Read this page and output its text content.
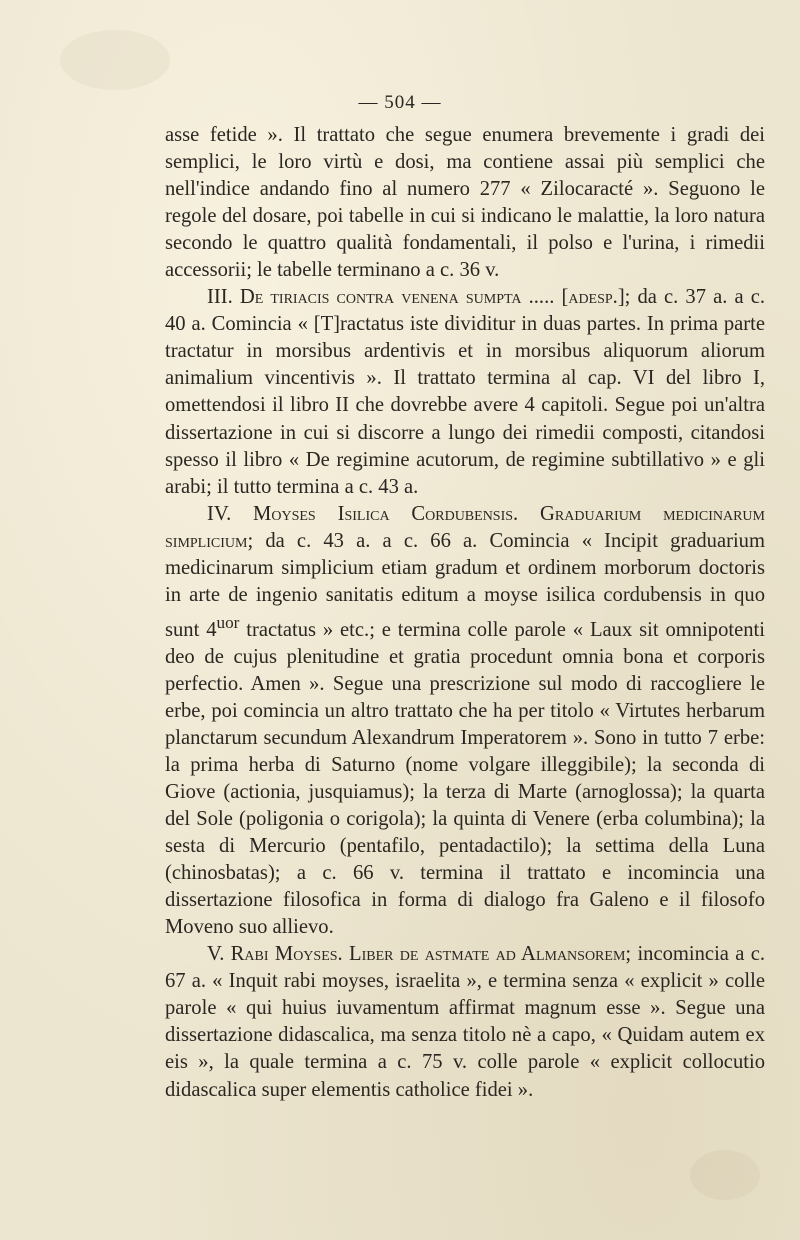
— 504 —

asse fetide ». Il trattato che segue enumera brevemente i gradi dei semplici, le loro virtù e dosi, ma contiene assai più semplici che nell'indice andando fino al numero 277 « Zilocaracté ». Seguono le regole del dosare, poi tabelle in cui si indicano le malattie, la loro natura secondo le quattro qualità fondamentali, il polso e l'urina, i rimedii accessorii; le tabelle terminano a c. 36 v.

III. De tiriacis contra venena sumpta ..... [adesp.]; da c. 37 a. a c. 40 a. Comincia « [T]ractatus iste dividitur in duas partes. In prima parte tractatur in morsibus ardentivis et in morsibus aliquorum aliorum animalium vincentivis ». Il trattato termina al cap. VI del libro I, omettendosi il libro II che dovrebbe avere 4 capitoli. Segue poi un'altra dissertazione in cui si discorre a lungo dei rimedii composti, citandosi spesso il libro « De regimine acutorum, de regimine subtillativo » e gli arabi; il tutto termina a c. 43 a.

IV. Moyses Isilica Cordubensis. Graduarium medicinarum simplicium; da c. 43 a. a c. 66 a. Comincia « Incipit graduarium medicinarum simplicium etiam gradum et ordinem morborum doctoris in arte de ingenio sanitatis editum a moyse isilica cordubensis in quo sunt $4^{uor}$ tractatus » etc.; e termina colle parole « Laux sit omnipotenti deo de cujus plenitudine et gratia procedunt omnia bona et corporis perfectio. Amen ». Segue una prescrizione sul modo di raccogliere le erbe, poi comincia un altro trattato che ha per titolo « Virtutes herbarum planctarum secundum Alexandrum Imperatorem ». Sono in tutto 7 erbe: la prima herba di Saturno (nome volgare illeggibile); la seconda di Giove (actionia, jusquiamus); la terza di Marte (arnoglossa); la quarta del Sole (poligonia o corigola); la quinta di Venere (erba columbina); la sesta di Mercurio (pentafilo, pentadactilo); la settima della Luna (chinosbatas); a c. 66 v. termina il trattato e incomincia una dissertazione filosofica in forma di dialogo fra Galeno e il filosofo Moveno suo allievo.

V. Rabi Moyses. Liber de astmate ad Almansorem; incomincia a c. 67 a. « Inquit rabi moyses, israelita », e termina senza « explicit » colle parole « qui huius iuvamentum affirmat magnum esse ». Segue una dissertazione didascalica, ma senza titolo nè a capo, « Quidam autem ex eis », la quale termina a c. 75 v. colle parole « explicit collocutio didascalica super elementis catholice fidei ».
